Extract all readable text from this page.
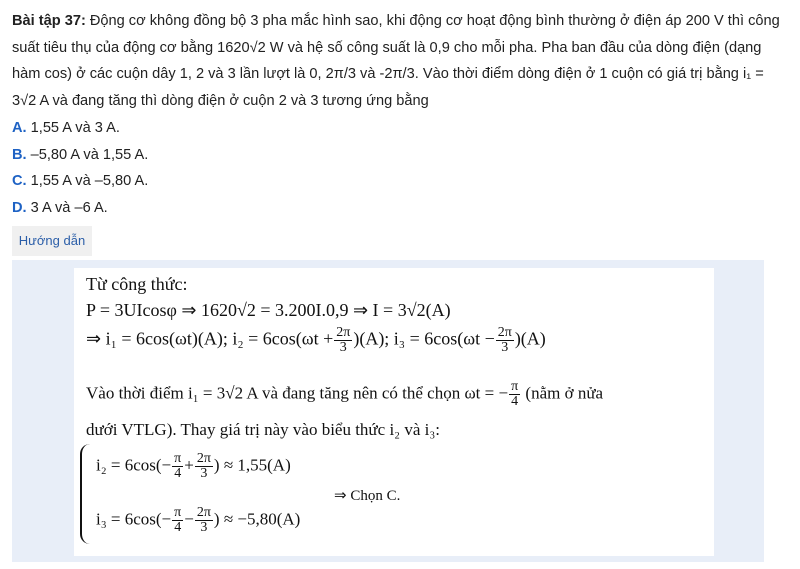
Bài tập 37: Động cơ không đồng bộ 3 pha mắc hình sao, khi động cơ hoạt động bình thường ở điện áp 200 V thì công suất tiêu thụ của động cơ bằng 1620√2 W và hệ số công suất là 0,9 cho mỗi pha. Pha ban đầu của dòng điện (dạng hàm cos) ở các cuộn dây 1, 2 và 3 lần lượt là 0, 2π/3 và -2π/3. Vào thời điểm dòng điện ở 1 cuộn có giá trị bằng i₁ = 3√2 A và đang tăng thì dòng điện ở cuộn 2 và 3 tương ứng bằng
A. 1,55 A và 3 A.
B. –5,80 A và 1,55 A.
C. 1,55 A và –5,80 A.
D. 3 A và –6 A.
Hướng dẫn
Từ công thức:
P = 3UIcosφ ⇒ 1620√2 = 3.200I.0,9 ⇒ I = 3√2(A)
⇒ i₁ = 6cos(ωt)(A); $i_2 = 6\cos(\omega t + \frac{2\pi}{3} )(A)$; $i_3 = 6\cos(\omega t - \frac{2\pi}{3} )(A)$
Vào thời điểm i₁ = 3√2 A và đang tăng nên có thể chọn ωt = − $\frac{\pi}{4}$ (nằm ở nửa
dưới VTLG). Thay giá trị này vào biểu thức i₂ và i₃:
$i_2 = 6\cos(- \frac{\pi}{4} + \frac{2\pi}{3}$ ) ≈ 1,55(A)
$i_3 = 6\cos(- \frac{\pi}{4} - \frac{2\pi}{3}$ ) ≈ −5,80(A)
⇒ Chọn C.
